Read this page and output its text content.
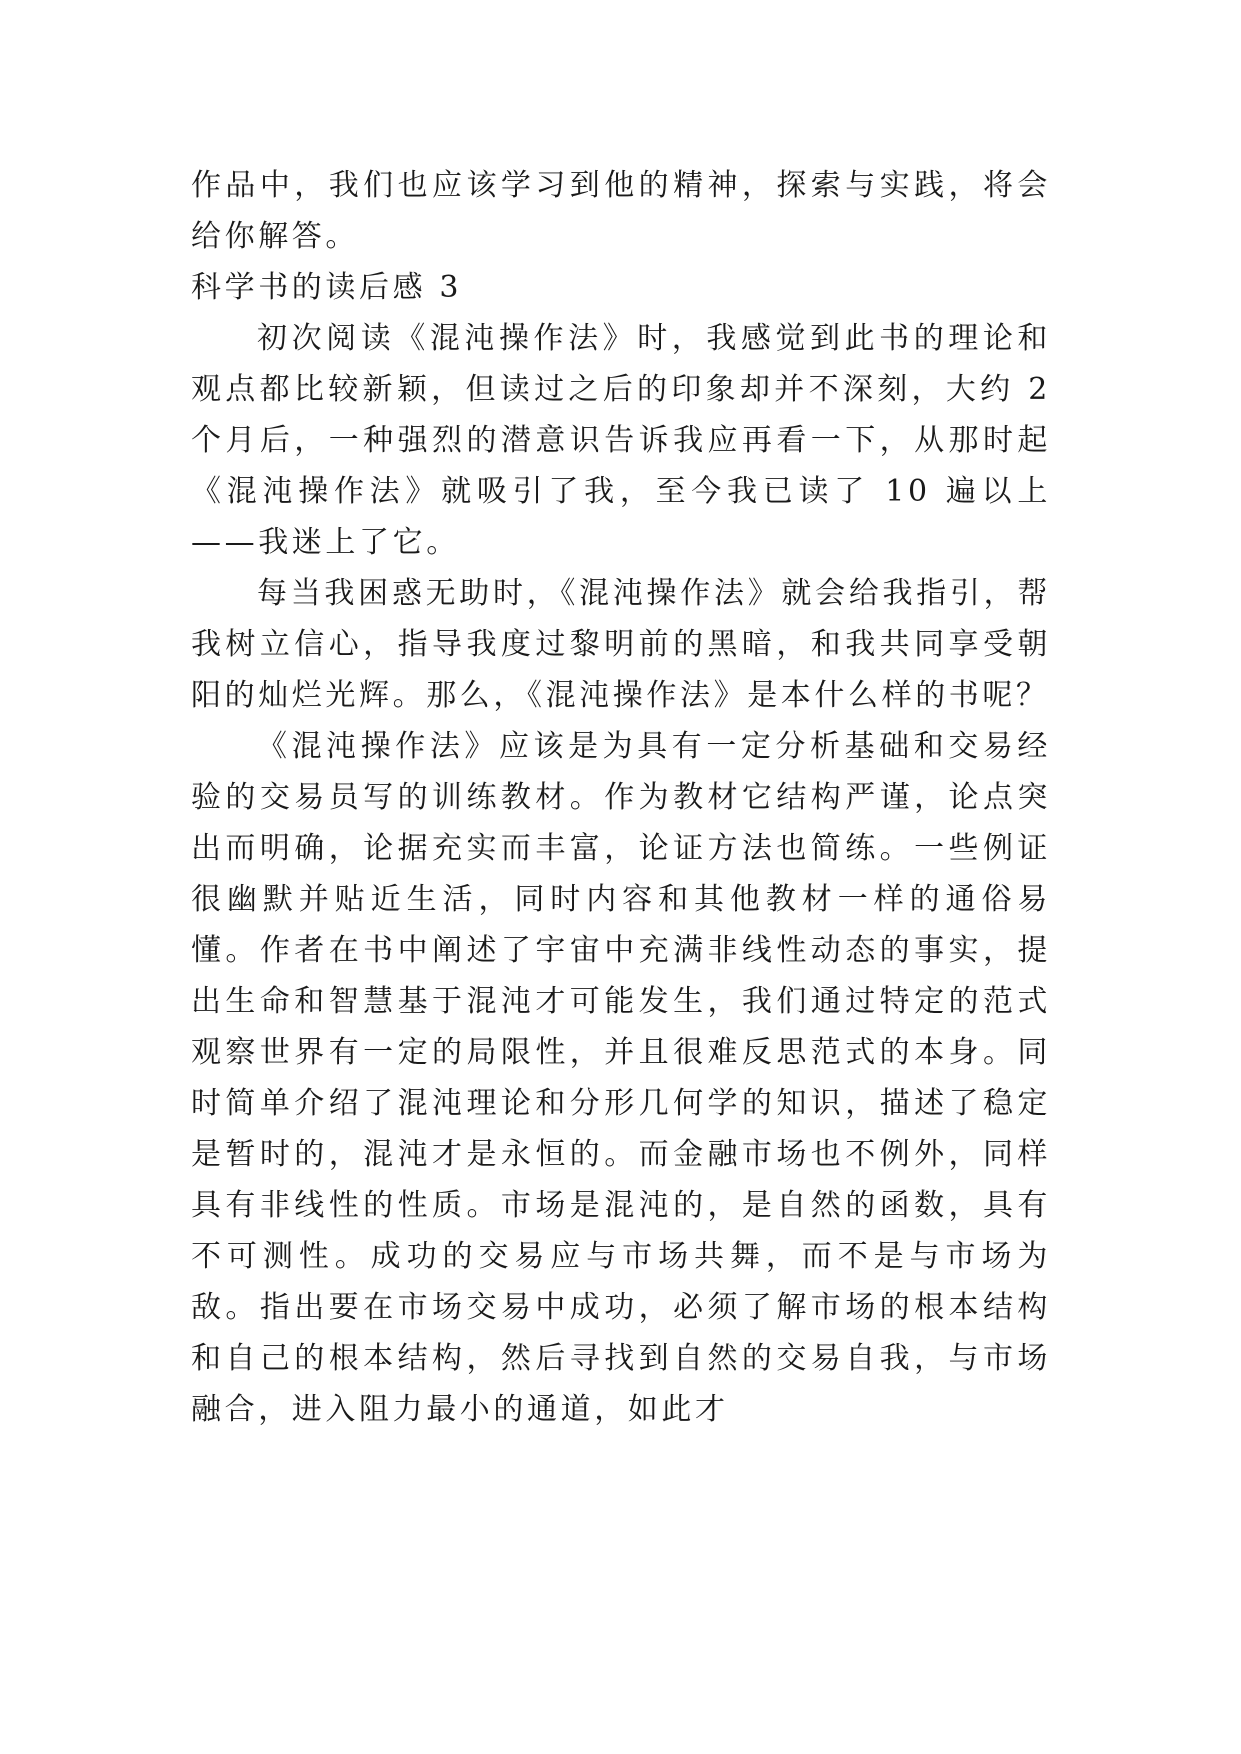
作品中，我们也应该学习到他的精神，探索与实践，将会给你解答。

科学书的读后感 3

初次阅读《混沌操作法》时，我感觉到此书的理论和观点都比较新颖，但读过之后的印象却并不深刻，大约 2 个月后，一种强烈的潜意识告诉我应再看一下，从那时起《混沌操作法》就吸引了我，至今我已读了 10 遍以上——我迷上了它。

每当我困惑无助时，《混沌操作法》就会给我指引，帮我树立信心，指导我度过黎明前的黑暗，和我共同享受朝阳的灿烂光辉。那么，《混沌操作法》是本什么样的书呢？

《混沌操作法》应该是为具有一定分析基础和交易经验的交易员写的训练教材。作为教材它结构严谨，论点突出而明确，论据充实而丰富，论证方法也简练。一些例证很幽默并贴近生活，同时内容和其他教材一样的通俗易懂。作者在书中阐述了宇宙中充满非线性动态的事实，提出生命和智慧基于混沌才可能发生，我们通过特定的范式观察世界有一定的局限性，并且很难反思范式的本身。同时简单介绍了混沌理论和分形几何学的知识，描述了稳定是暂时的，混沌才是永恒的。而金融市场也不例外，同样具有非线性的性质。市场是混沌的，是自然的函数，具有不可测性。成功的交易应与市场共舞，而不是与市场为敌。指出要在市场交易中成功，必须了解市场的根本结构和自己的根本结构，然后寻找到自然的交易自我，与市场融合，进入阻力最小的通道，如此才
